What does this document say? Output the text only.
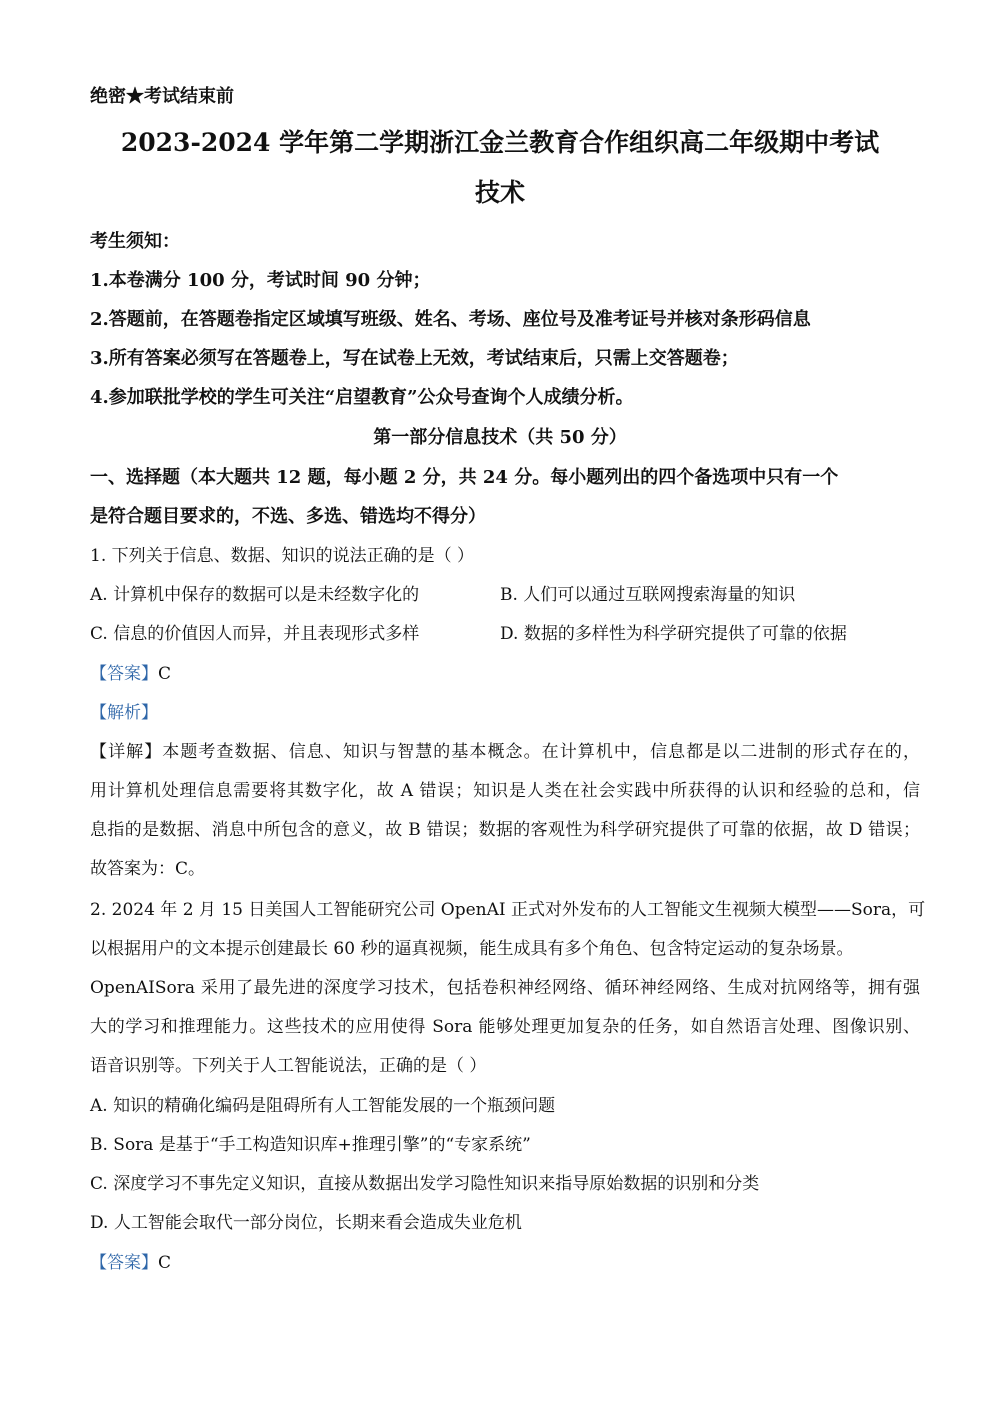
绝密★考试结束前
2023-2024 学年第二学期浙江金兰教育合作组织高二年级期中考试
技术
考生须知：
1.本卷满分 100 分，考试时间 90 分钟；
2.答题前，在答题卷指定区域填写班级、姓名、考场、座位号及准考证号并核对条形码信息
3.所有答案必须写在答题卷上，写在试卷上无效，考试结束后，只需上交答题卷；
4.参加联批学校的学生可关注“启望教育”公众号查询个人成绩分析。
第一部分信息技术（共 50 分）
一、选择题（本大题共 12 题，每小题 2 分，共 24 分。每小题列出的四个备选项中只有一个
是符合题目要求的，不选、多选、错选均不得分）
1. 下列关于信息、数据、知识的说法正确的是（ ）
A. 计算机中保存的数据可以是未经数字化的	B. 人们可以通过互联网搜索海量的知识
C. 信息的价值因人而异，并且表现形式多样	D. 数据的多样性为科学研究提供了可靠的依据
【答案】C
【解析】
【详解】本题考查数据、信息、知识与智慧的基本概念。在计算机中，信息都是以二进制的形式存在的，
用计算机处理信息需要将其数字化，故 A 错误；知识是人类在社会实践中所获得的认识和经验的总和，信
息指的是数据、消息中所包含的意义，故 B 错误；数据的客观性为科学研究提供了可靠的依据，故 D 错误；
故答案为：C。
2. 2024 年 2 月 15 日美国人工智能研究公司 OpenAI 正式对外发布的人工智能文生视频大模型——Sora，可
以根据用户的文本提示创建最长 60 秒的逼真视频，能生成具有多个角色、包含特定运动的复杂场景。
OpenAISora 采用了最先进的深度学习技术，包括卷积神经网络、循环神经网络、生成对抗网络等，拥有强
大的学习和推理能力。这些技术的应用使得 Sora 能够处理更加复杂的任务，如自然语言处理、图像识别、
语音识别等。下列关于人工智能说法，正确的是（ ）
A. 知识的精确化编码是阻碍所有人工智能发展的一个瓶颈问题
B. Sora 是基于“手工构造知识库+推理引擎”的“专家系统”
C. 深度学习不事先定义知识，直接从数据出发学习隐性知识来指导原始数据的识别和分类
D. 人工智能会取代一部分岗位，长期来看会造成失业危机
【答案】C
